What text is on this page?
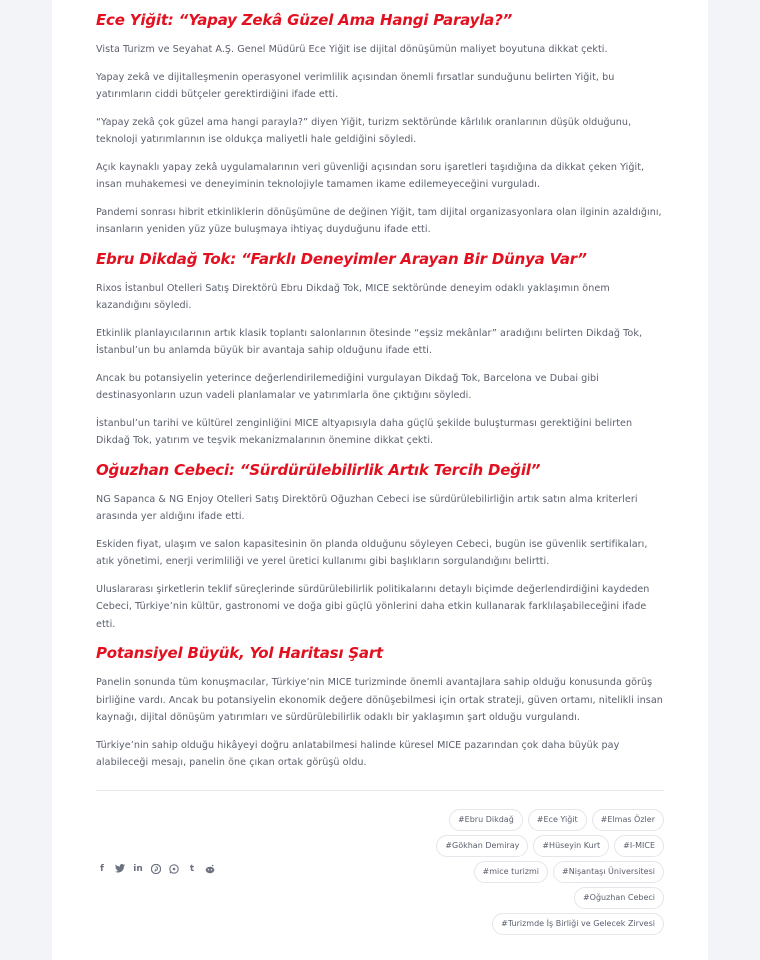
Ece Yiğit: “Yapay Zekâ Güzel Ama Hangi Parayla?”

Vista Turizm ve Seyahat A.Ş. Genel Müdürü Ece Yiğit ise dijital dönüşümün maliyet boyutuna dikkat çekti.

Yapay zekâ ve dijitalleşmenin operasyonel verimlilik açısından önemli fırsatlar sunduğunu belirten Yiğit, bu yatırımların ciddi bütçeler gerektirdiğini ifade etti.

“Yapay zekâ çok güzel ama hangi parayla?” diyen Yiğit, turizm sektöründe kârlılık oranlarının düşük olduğunu, teknoloji yatırımlarının ise oldukça maliyetli hale geldiğini söyledi.

Açık kaynaklı yapay zekâ uygulamalarının veri güvenliği açısından soru işaretleri taşıdığına da dikkat çeken Yiğit, insan muhakemesi ve deneyiminin teknolojiyle tamamen ikame edilemeyeceğini vurguladı.

Pandemi sonrası hibrit etkinliklerin dönüşümüne de değinen Yiğit, tam dijital organizasyonlara olan ilginin azaldığını, insanların yeniden yüz yüze buluşmaya ihtiyaç duyduğunu ifade etti.

Ebru Dikdağ Tok: “Farklı Deneyimler Arayan Bir Dünya Var”

Rixos İstanbul Otelleri Satış Direktörü Ebru Dikdağ Tok, MICE sektöründe deneyim odaklı yaklaşımın önem kazandığını söyledi.

Etkinlik planlayıcılarının artık klasik toplantı salonlarının ötesinde “eşsiz mekânlar” aradığını belirten Dikdağ Tok, İstanbul’un bu anlamda büyük bir avantaja sahip olduğunu ifade etti.

Ancak bu potansiyelin yeterince değerlendirilemediğini vurgulayan Dikdağ Tok, Barcelona ve Dubai gibi destinasyonların uzun vadeli planlamalar ve yatırımlarla öne çıktığını söyledi.

İstanbul’un tarihi ve kültürel zenginliğini MICE altyapısıyla daha güçlü şekilde buluşturması gerektiğini belirten Dikdağ Tok, yatırım ve teşvik mekanizmalarının önemine dikkat çekti.

Oğuzhan Cebeci: “Sürdürülebilirlik Artık Tercih Değil”

NG Sapanca & NG Enjoy Otelleri Satış Direktörü Oğuzhan Cebeci ise sürdürülebilirliğin artık satın alma kriterleri arasında yer aldığını ifade etti.

Eskiden fiyat, ulaşım ve salon kapasitesinin ön planda olduğunu söyleyen Cebeci, bugün ise güvenlik sertifikaları, atık yönetimi, enerji verimliliği ve yerel üretici kullanımı gibi başlıkların sorgulandığını belirtti.

Uluslararası şirketlerin teklif süreçlerinde sürdürülebilirlik politikalarını detaylı biçimde değerlendirdiğini kaydeden Cebeci, Türkiye’nin kültür, gastronomi ve doğa gibi güçlü yönlerini daha etkin kullanarak farklılaşabileceğini ifade etti.

Potansiyel Büyük, Yol Haritası Şart

Panelin sonunda tüm konuşmacılar, Türkiye’nin MICE turizminde önemli avantajlara sahip olduğu konusunda görüş birliğine vardı. Ancak bu potansiyelin ekonomik değere dönüşebilmesi için ortak strateji, güven ortamı, nitelikli insan kaynağı, dijital dönüşüm yatırımları ve sürdürülebilirlik odaklı bir yaklaşımın şart olduğu vurgulandı.

Türkiye’nin sahip olduğu hikâyeyi doğru anlatabilmesi halinde küresel MICE pazarından çok daha büyük pay alabileceği mesajı, panelin öne çıkan ortak görüşü oldu.

f	in	t
#Ebru Dikdağ	#Ece Yiğit	#Elmas Özler
#Gökhan Demiray	#Hüseyin Kurt	#I-MICE
#mice turizmi	#Nişantaşı Üniversitesi
#Oğuzhan Cebeci
#Turizmde İş Birliği ve Gelecek Zirvesi
